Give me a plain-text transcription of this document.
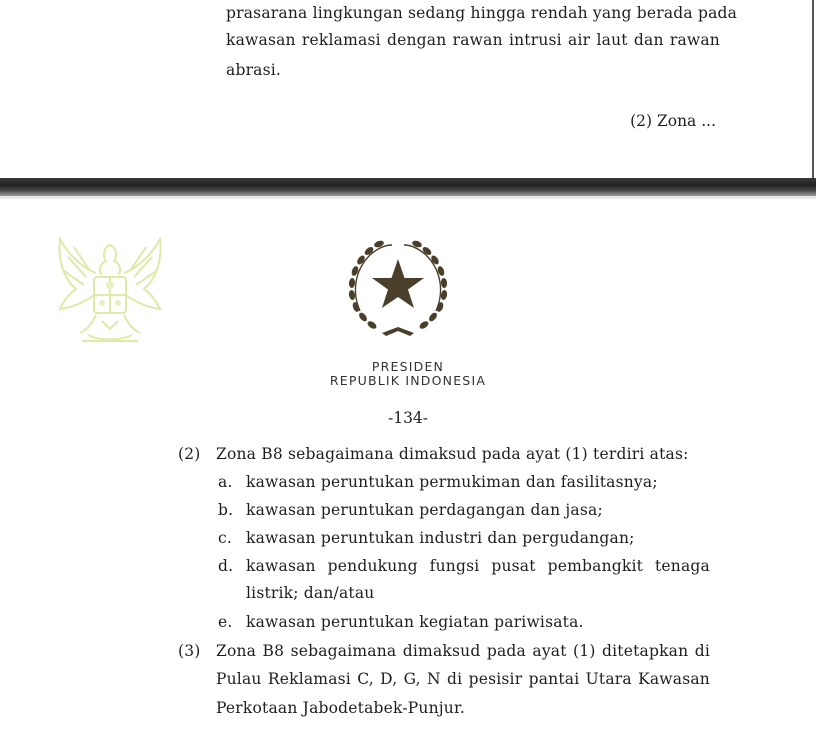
prasarana lingkungan sedang hingga rendah yang berada pada
kawasan reklamasi dengan rawan intrusi air laut dan rawan
abrasi.
(2) Zona ...
PRESIDEN
REPUBLIK INDONESIA
-134-
(2) Zona B8 sebagaimana dimaksud pada ayat (1) terdiri atas:
a. kawasan peruntukan permukiman dan fasilitasnya;
b. kawasan peruntukan perdagangan dan jasa;
c. kawasan peruntukan industri dan pergudangan;
d. kawasan pendukung fungsi pusat pembangkit tenaga
listrik; dan/atau
e. kawasan peruntukan kegiatan pariwisata.
(3) Zona B8 sebagaimana dimaksud pada ayat (1) ditetapkan di
Pulau Reklamasi C, D, G, N di pesisir pantai Utara Kawasan
Perkotaan Jabodetabek-Punjur.
